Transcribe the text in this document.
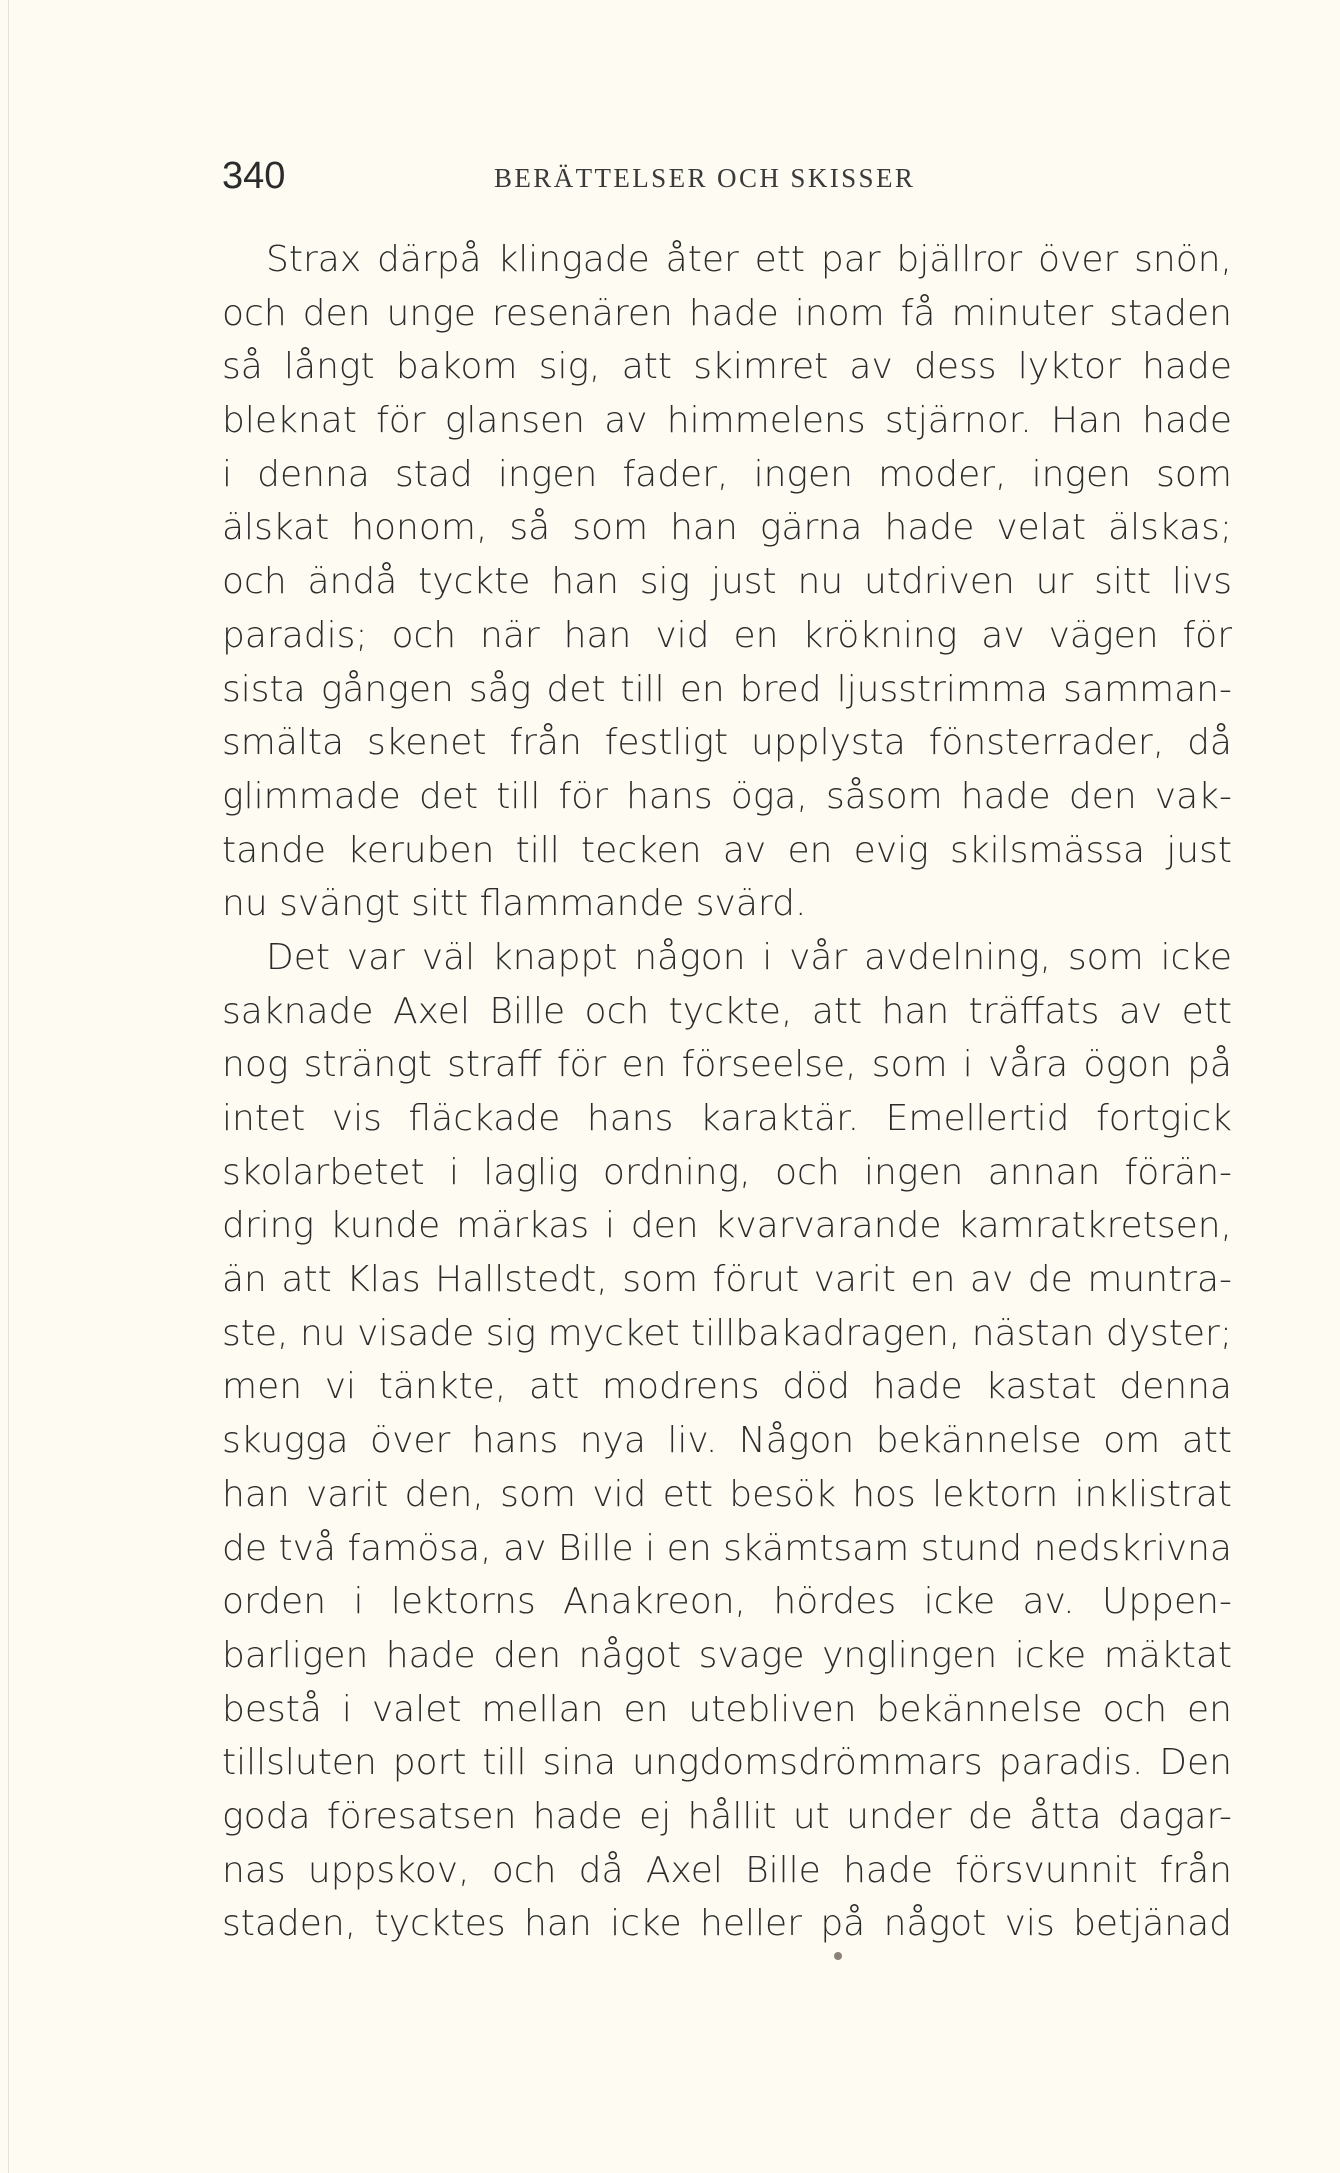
340	BERÄTTELSER OCH SKISSER
Strax därpå klingade åter ett par bjällror över snön,
och den unge resenären hade inom få minuter staden
så långt bakom sig, att skimret av dess lyktor hade
bleknat för glansen av himmelens stjärnor. Han hade
i denna stad ingen fader, ingen moder, ingen som
älskat honom, så som han gärna hade velat älskas;
och ändå tyckte han sig just nu utdriven ur sitt livs
paradis; och när han vid en krökning av vägen för
sista gången såg det till en bred ljusstrimma samman-
smälta skenet från festligt upplysta fönsterrader, då
glimmade det till för hans öga, såsom hade den vak-
tande keruben till tecken av en evig skilsmässa just
nu svängt sitt flammande svärd.
Det var väl knappt någon i vår avdelning, som icke
saknade Axel Bille och tyckte, att han träffats av ett
nog strängt straff för en förseelse, som i våra ögon på
intet vis fläckade hans karaktär. Emellertid fortgick
skolarbetet i laglig ordning, och ingen annan förän-
dring kunde märkas i den kvarvarande kamratkretsen,
än att Klas Hallstedt, som förut varit en av de muntra-
ste, nu visade sig mycket tillbakadragen, nästan dyster;
men vi tänkte, att modrens död hade kastat denna
skugga över hans nya liv. Någon bekännelse om att
han varit den, som vid ett besök hos lektorn inklistrat
de två famösa, av Bille i en skämtsam stund nedskrivna
orden i lektorns Anakreon, hördes icke av. Uppen-
barligen hade den något svage ynglingen icke mäktat
bestå i valet mellan en utebliven bekännelse och en
tillsluten port till sina ungdomsdrömmars paradis. Den
goda föresatsen hade ej hållit ut under de åtta dagar-
nas uppskov, och då Axel Bille hade försvunnit från
staden, tycktes han icke heller på något vis betjänad
